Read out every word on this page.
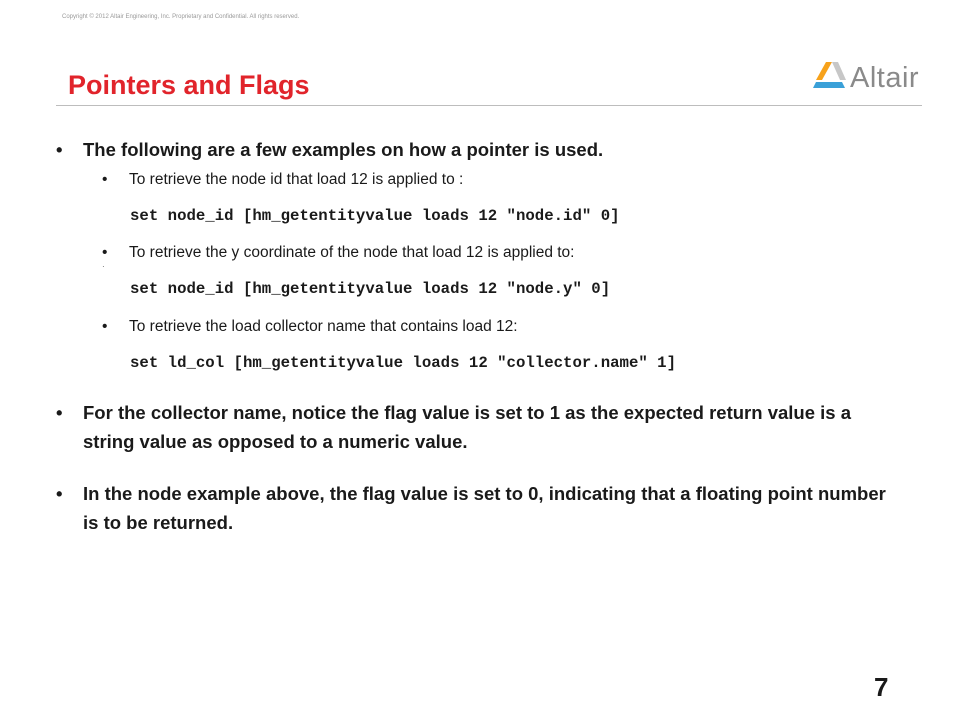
Copyright © 2012 Altair Engineering, Inc. Proprietary and Confidential. All rights reserved.
Pointers and Flags	Altair
• The following are a few examples on how a pointer is used.
• To retrieve the node id that load 12 is applied to :
set node_id [hm_getentityvalue loads 12 "node.id" 0]
• To retrieve the y coordinate of the node that load 12 is applied to:
·
set node_id [hm_getentityvalue loads 12 "node.y" 0]
• To retrieve the load collector name that contains load 12:
set ld_col [hm_getentityvalue loads 12 "collector.name" 1]
• For the collector name, notice the flag value is set to 1 as the expected return value is a string value as opposed to a numeric value.
• In the node example above, the flag value is set to 0, indicating that a floating point number is to be returned.
7
